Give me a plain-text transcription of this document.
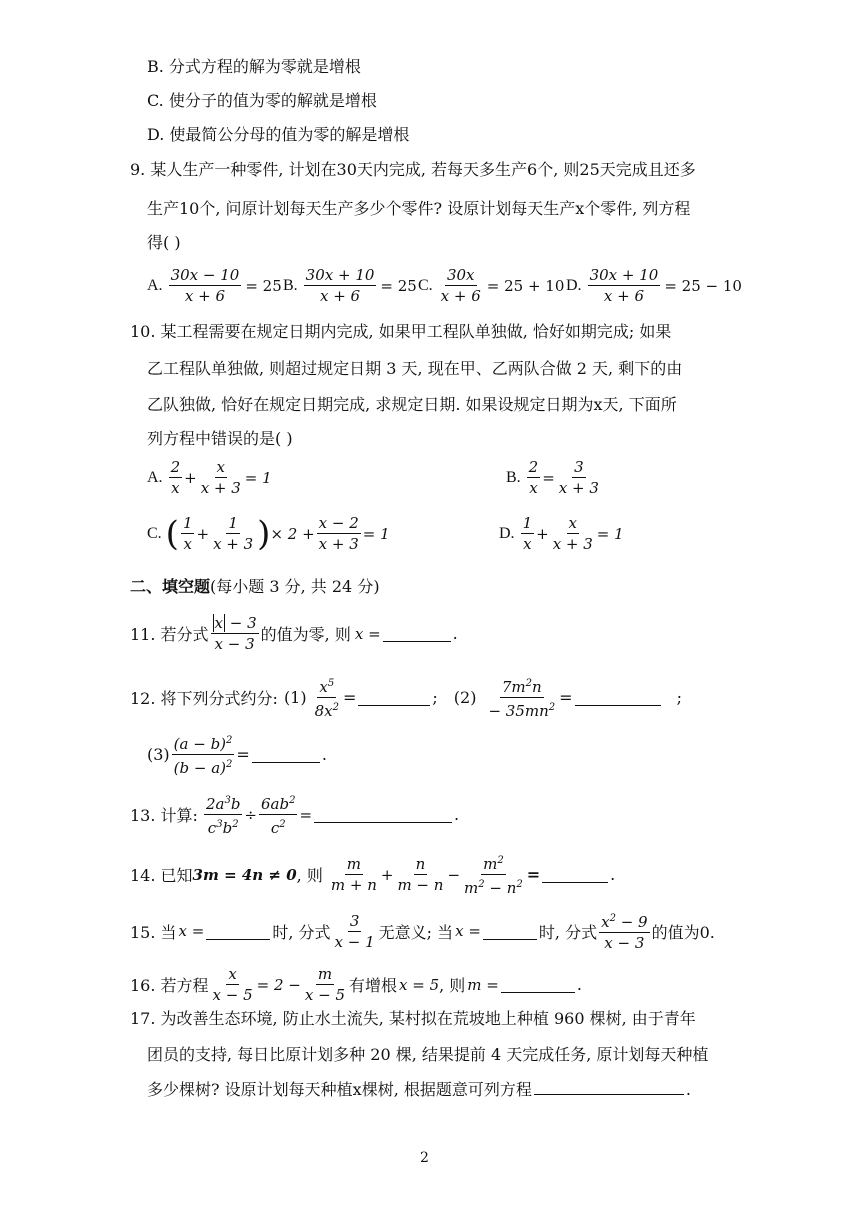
B. 分式方程的解为零就是增根
C. 使分子的值为零的解就是增根
D. 使最简公分母的值为零的解是增根
9. 某人生产一种零件, 计划在30天内完成, 若每天多生产6个, 则25天完成且还多
生产10个, 问原计划每天生产多少个零件? 设原计划每天生产x个零件, 列方程
得( )
A. $\frac{30x - 10}{x + 6} = 25$ B. $\frac{30x + 10}{x + 6} = 25$ C. $\frac{30x}{x + 6} = 25 + 10$ D. $\frac{30x + 10}{x + 6} = 25 - 10$
10. 某工程需要在规定日期内完成, 如果甲工程队单独做, 恰好如期完成; 如果
乙工程队单独做, 则超过规定日期 3 天, 现在甲、乙两队合做 2 天, 剩下的由
乙队独做, 恰好在规定日期完成, 求规定日期. 如果设规定日期为x天, 下面所
列方程中错误的是( )
A. $\frac{2}{x} + \frac{x}{x + 3} = 1$	B. $\frac{2}{x} = \frac{3}{x + 3}$
C. ( $\frac{1}{x} + \frac{1}{x + 3}$ ) × $2 + \frac{x - 2}{x + 3} = 1$	D. $\frac{1}{x} + \frac{x}{x + 3} = 1$
二、填空题(每小题 3 分, 共 24 分)
11. 若分式 $\frac{x - 3}{x - 3}$ 的值为零, 则 x =	.
12. 将下列分式约分: $(1) \frac{x^5}{8x^2}$ =	; $(2) \frac{7m^2n}{- 35mn^2}$ =	;
$(3) \frac{(a - b)^2}{(b - a)^2}$ =	.
13. 计算: $\frac{2a^3b}{c^3b^2} \div \frac{6ab^2}{c^2}$ =	.
14. 已知 3m = 4n ≠ 0 , 则 $\frac{m}{m + n} + \frac{n}{m - n} - \frac{m^2}{m^2 - n^2}$ =	.
15. 当 x =	时, 分式 $\frac{3}{x - 1}$ 无意义; 当 x =	时, 分式 $\frac{x^2 - 9}{x - 3}$ 的值为0.
16. 若方程 $\frac{x}{x - 5} = 2 - \frac{m}{x - 5}$ 有增根 x = 5 , 则 m =	.
17. 为改善生态环境, 防止水土流失, 某村拟在荒坡地上种植 960 棵树, 由于青年
团员的支持, 每日比原计划多种 20 棵, 结果提前 4 天完成任务, 原计划每天种植
多少棵树? 设原计划每天种植x棵树, 根据题意可列方程	.
2
